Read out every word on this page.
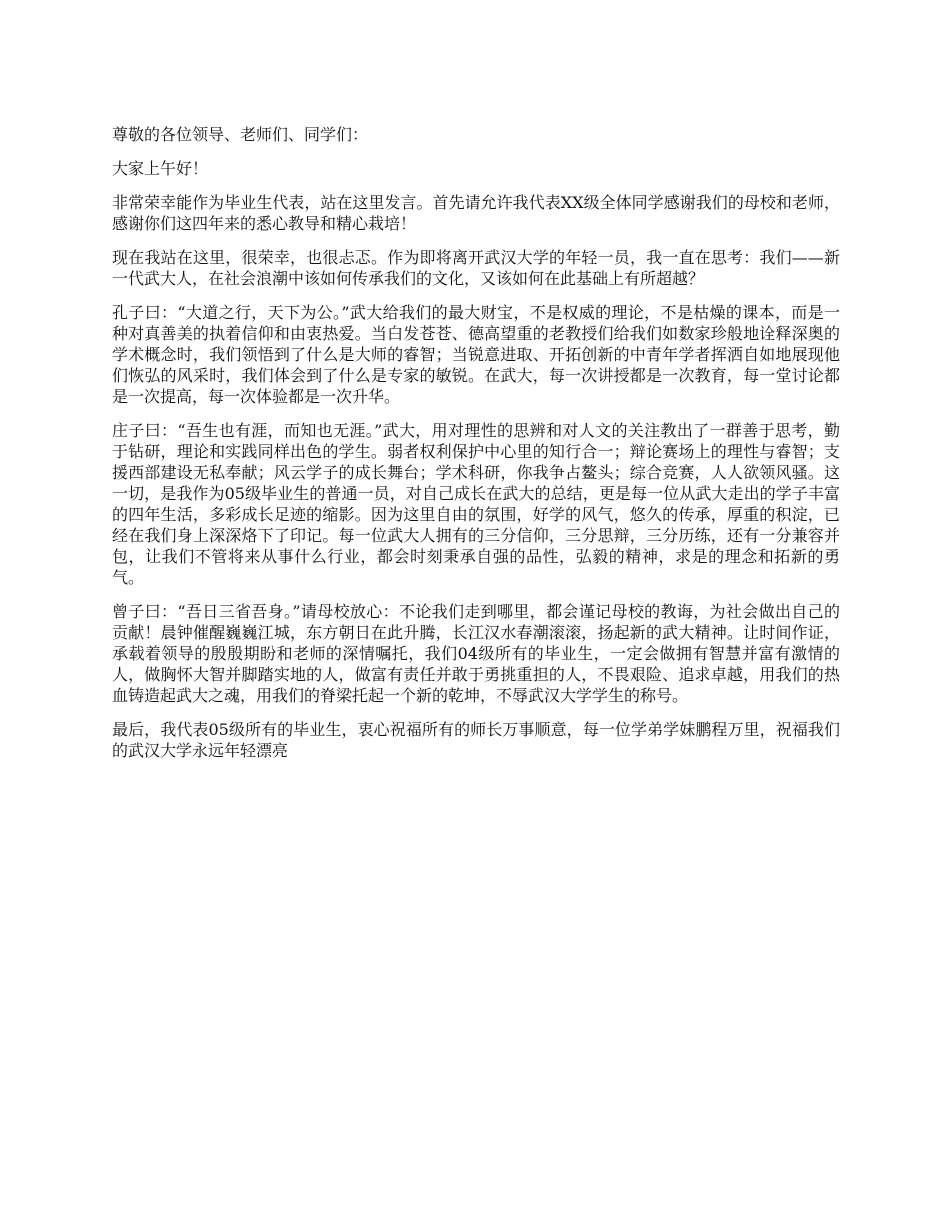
尊敬的各位领导、老师们、同学们：

大家上午好！

非常荣幸能作为毕业生代表，站在这里发言。首先请允许我代表XX级全体同学感谢我们的母校和老师，感谢你们这四年来的悉心教导和精心栽培！

现在我站在这里，很荣幸，也很忐忑。作为即将离开武汉大学的年轻一员，我一直在思考：我们——新一代武大人，在社会浪潮中该如何传承我们的文化，又该如何在此基础上有所超越？

孔子曰：“大道之行，天下为公。”武大给我们的最大财宝，不是权威的理论，不是枯燥的课本，而是一种对真善美的执着信仰和由衷热爱。当白发苍苍、德高望重的老教授们给我们如数家珍般地诠释深奥的学术概念时，我们领悟到了什么是大师的睿智；当锐意进取、开拓创新的中青年学者挥洒自如地展现他们恢弘的风采时，我们体会到了什么是专家的敏锐。在武大，每一次讲授都是一次教育，每一堂讨论都是一次提高，每一次体验都是一次升华。

庄子曰：“吾生也有涯，而知也无涯。”武大，用对理性的思辨和对人文的关注教出了一群善于思考，勤于钻研，理论和实践同样出色的学生。弱者权利保护中心里的知行合一；辩论赛场上的理性与睿智；支援西部建设无私奉献；风云学子的成长舞台；学术科研，你我争占鳌头；综合竞赛，人人欲领风骚。这一切，是我作为05级毕业生的普通一员，对自己成长在武大的总结，更是每一位从武大走出的学子丰富的四年生活，多彩成长足迹的缩影。因为这里自由的氛围，好学的风气，悠久的传承，厚重的积淀，已经在我们身上深深烙下了印记。每一位武大人拥有的三分信仰，三分思辩，三分历练，还有一分兼容并包，让我们不管将来从事什么行业，都会时刻秉承自强的品性，弘毅的精神，求是的理念和拓新的勇气。

曾子曰：“吾日三省吾身。”请母校放心：不论我们走到哪里，都会谨记母校的教诲，为社会做出自己的贡献！晨钟催醒巍巍江城，东方朝日在此升腾，长江汉水春潮滚滚，扬起新的武大精神。让时间作证，承载着领导的殷殷期盼和老师的深情嘱托，我们04级所有的毕业生，一定会做拥有智慧并富有激情的人，做胸怀大智并脚踏实地的人，做富有责任并敢于勇挑重担的人，不畏艰险、追求卓越，用我们的热血铸造起武大之魂，用我们的脊梁托起一个新的乾坤，不辱武汉大学学生的称号。

最后，我代表05级所有的毕业生，衷心祝福所有的师长万事顺意，每一位学弟学妹鹏程万里，祝福我们的武汉大学永远年轻漂亮
